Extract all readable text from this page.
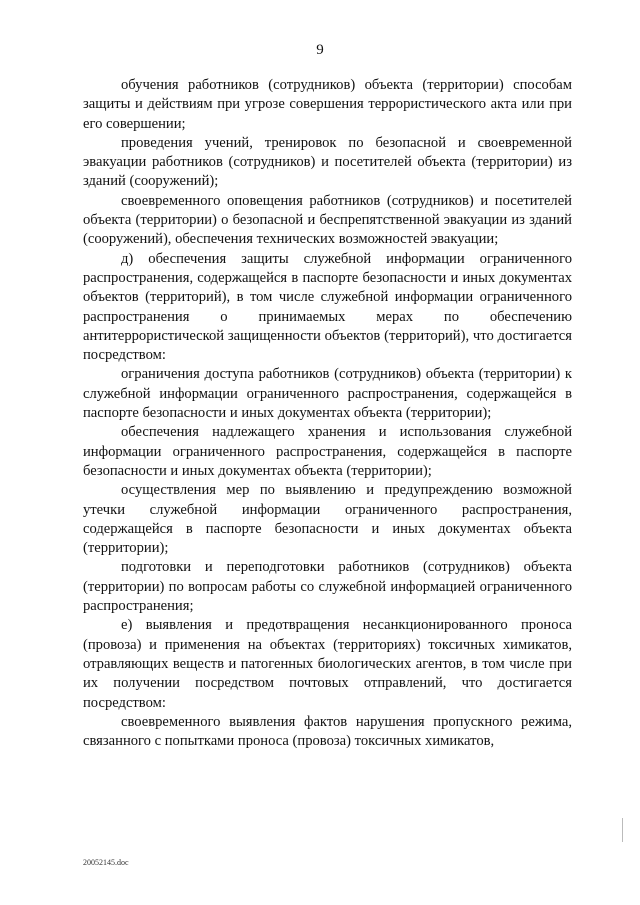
9

обучения работников (сотрудников) объекта (территории) способам защиты и действиям при угрозе совершения террористического акта или при его совершении;

проведения учений, тренировок по безопасной и своевременной эвакуации работников (сотрудников) и посетителей объекта (территории) из зданий (сооружений);

своевременного оповещения работников (сотрудников) и посетителей объекта (территории) о безопасной и беспрепятственной эвакуации из зданий (сооружений), обеспечения технических возможностей эвакуации;

д) обеспечения защиты служебной информации ограниченного распространения, содержащейся в паспорте безопасности и иных документах объектов (территорий), в том числе служебной информации ограниченного распространения о принимаемых мерах по обеспечению антитеррористической защищенности объектов (территорий), что достигается посредством:

ограничения доступа работников (сотрудников) объекта (территории) к служебной информации ограниченного распространения, содержащейся в паспорте безопасности и иных документах объекта (территории);

обеспечения надлежащего хранения и использования служебной информации ограниченного распространения, содержащейся в паспорте безопасности и иных документах объекта (территории);

осуществления мер по выявлению и предупреждению возможной утечки служебной информации ограниченного распространения, содержащейся в паспорте безопасности и иных документах объекта (территории);

подготовки и переподготовки работников (сотрудников) объекта (территории) по вопросам работы со служебной информацией ограниченного распространения;

е) выявления и предотвращения несанкционированного проноса (провоза) и применения на объектах (территориях) токсичных химикатов, отравляющих веществ и патогенных биологических агентов, в том числе при их получении посредством почтовых отправлений, что достигается посредством:

своевременного выявления фактов нарушения пропускного режима, связанного с попытками проноса (провоза) токсичных химикатов,

20052145.doc
